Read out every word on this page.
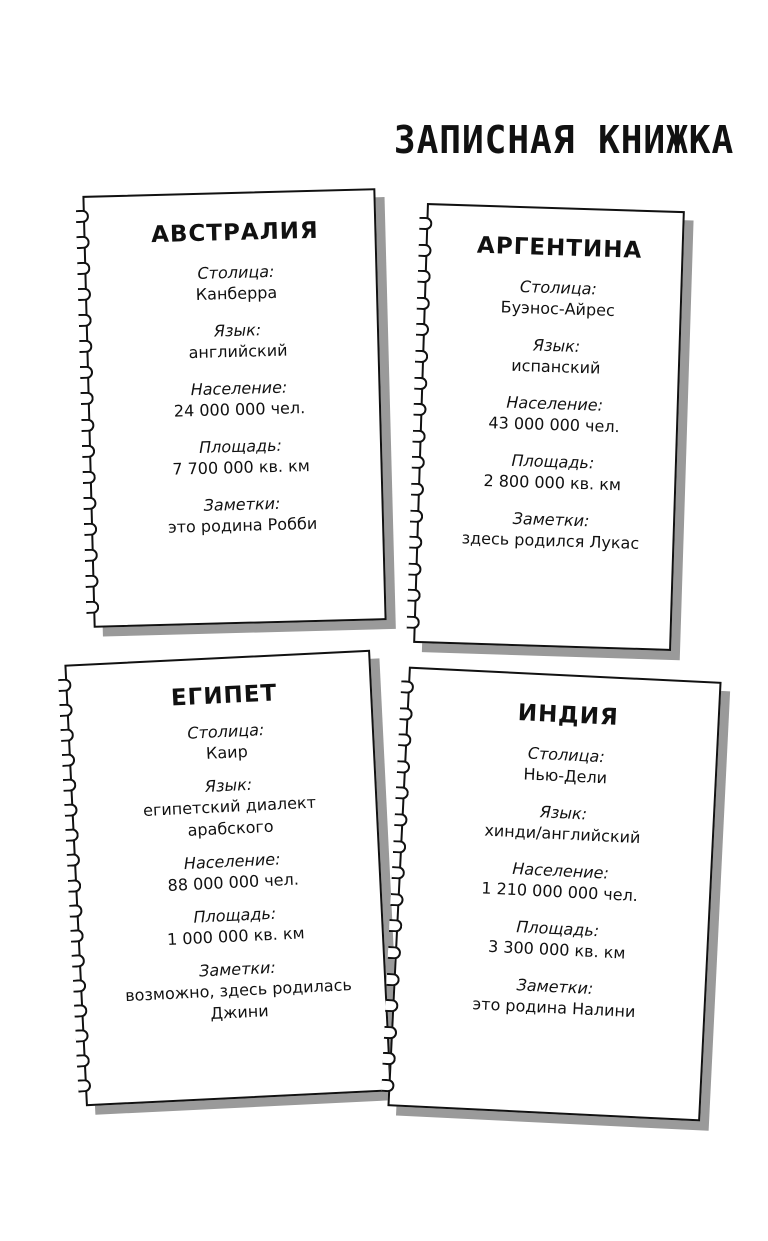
ЗАПИСНАЯ КНИЖКА
АВСТРАЛИЯ
Столица:
Канберра
Язык:
английский
Население:
24 000 000 чел.
Площадь:
7 700 000 кв. км
Заметки:
это родина Робби
АРГЕНТИНА
Столица:
Буэнос-Айрес
Язык:
испанский
Население:
43 000 000 чел.
Площадь:
2 800 000 кв. км
Заметки:
здесь родился Лукас
ЕГИПЕТ
Столица:
Каир
Язык:
египетский диалект
арабского
Население:
88 000 000 чел.
Площадь:
1 000 000 кв. км
Заметки:
возможно, здесь родилась
Джини
ИНДИЯ
Столица:
Нью-Дели
Язык:
хинди/английский
Население:
1 210 000 000 чел.
Площадь:
3 300 000 кв. км
Заметки:
это родина Налини
